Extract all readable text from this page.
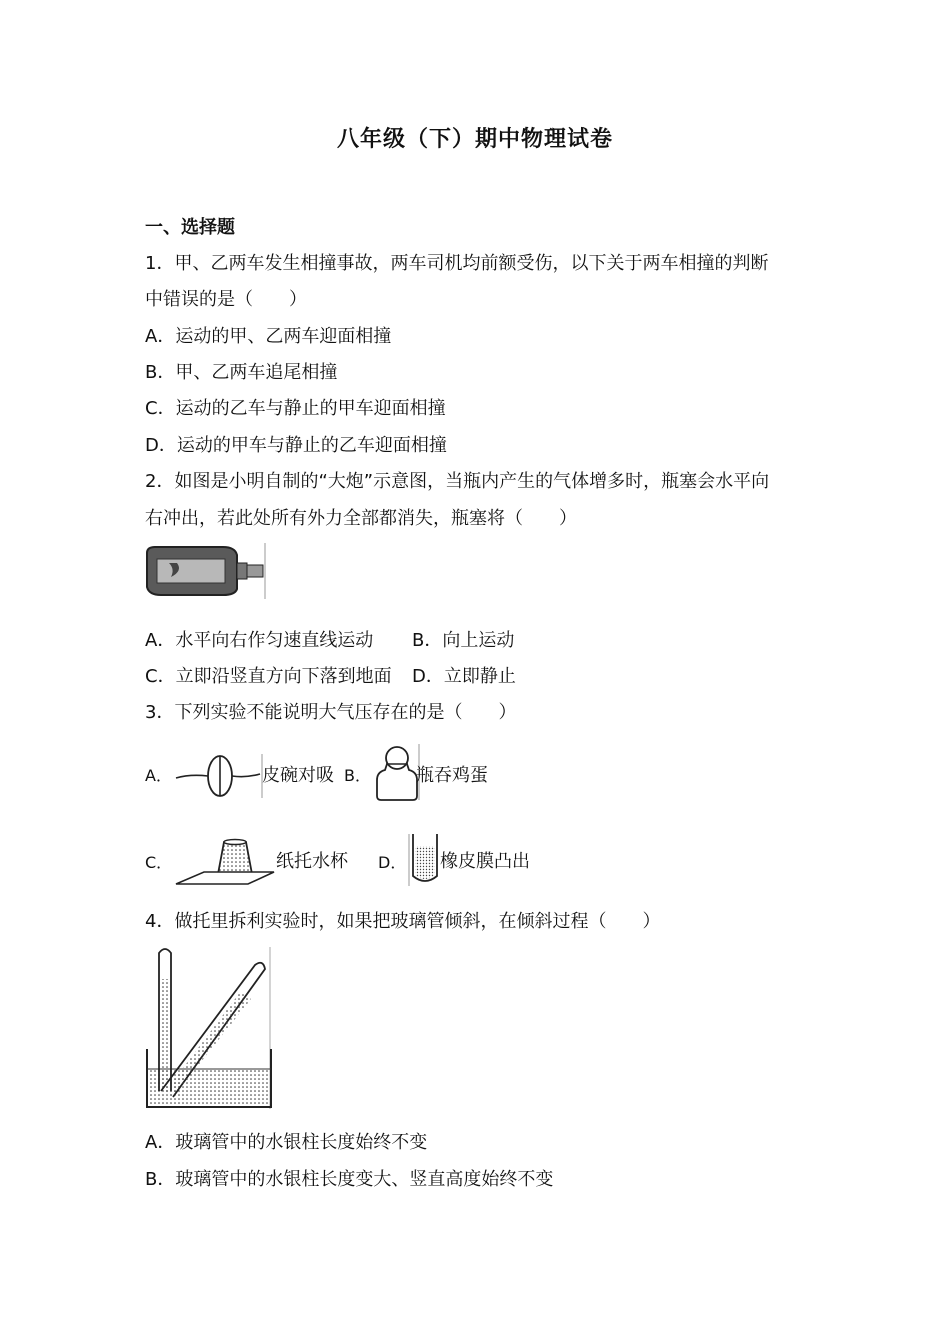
八年级（下）期中物理试卷
一、选择题
1．甲、乙两车发生相撞事故，两车司机均前额受伤，以下关于两车相撞的判断
中错误的是（　　）
A．运动的甲、乙两车迎面相撞
B．甲、乙两车追尾相撞
C．运动的乙车与静止的甲车迎面相撞
D．运动的甲车与静止的乙车迎面相撞
2．如图是小明自制的“大炮”示意图，当瓶内产生的气体增多时，瓶塞会水平向
右冲出，若此处所有外力全部都消失，瓶塞将（　　）
A．水平向右作匀速直线运动 B．向上运动
C．立即沿竖直方向下落到地面 D．立即静止
3．下列实验不能说明大气压存在的是（　　）
A．	皮碗对吸 B．	瓶吞鸡蛋
C．	纸托水杯 D． 橡皮膜凸出
4．做托里拆利实验时，如果把玻璃管倾斜，在倾斜过程（　　）
A．玻璃管中的水银柱长度始终不变
B．玻璃管中的水银柱长度变大、竖直高度始终不变
